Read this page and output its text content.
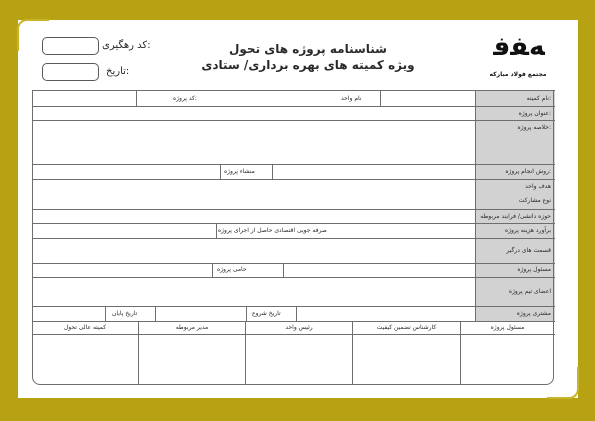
شناسنامه پروژه های تحول
ویژه کمیته های بهره برداری/ ستادی
کد رهگیری:
تاریخ:
ﻪﻔﻓ
مجتمع فولاد مبارکه
نام کمیته:
عنوان پروژه:
خلاصه پروژه:
روش انجام پروژه:
هدف واحد
نوع مشارکت
حوزه دانشی/ فرایند مربوطه
برآورد هزینه پروژه
قسمت های درگیر
مسئول پروژه
اعضای تیم پروژه
مشتری پروژه
نام واحد
کد پروژه:
منشاء پروژه
صرفه جویی اقتصادی حاصل از اجرای پروژه
حامی پروژه
تاریخ شروع
تاریخ پایان
مسئول پروژه
کارشناس تضمین کیفیت
رئیس واحد
مدیر مربوطه
کمیته عالی تحول
